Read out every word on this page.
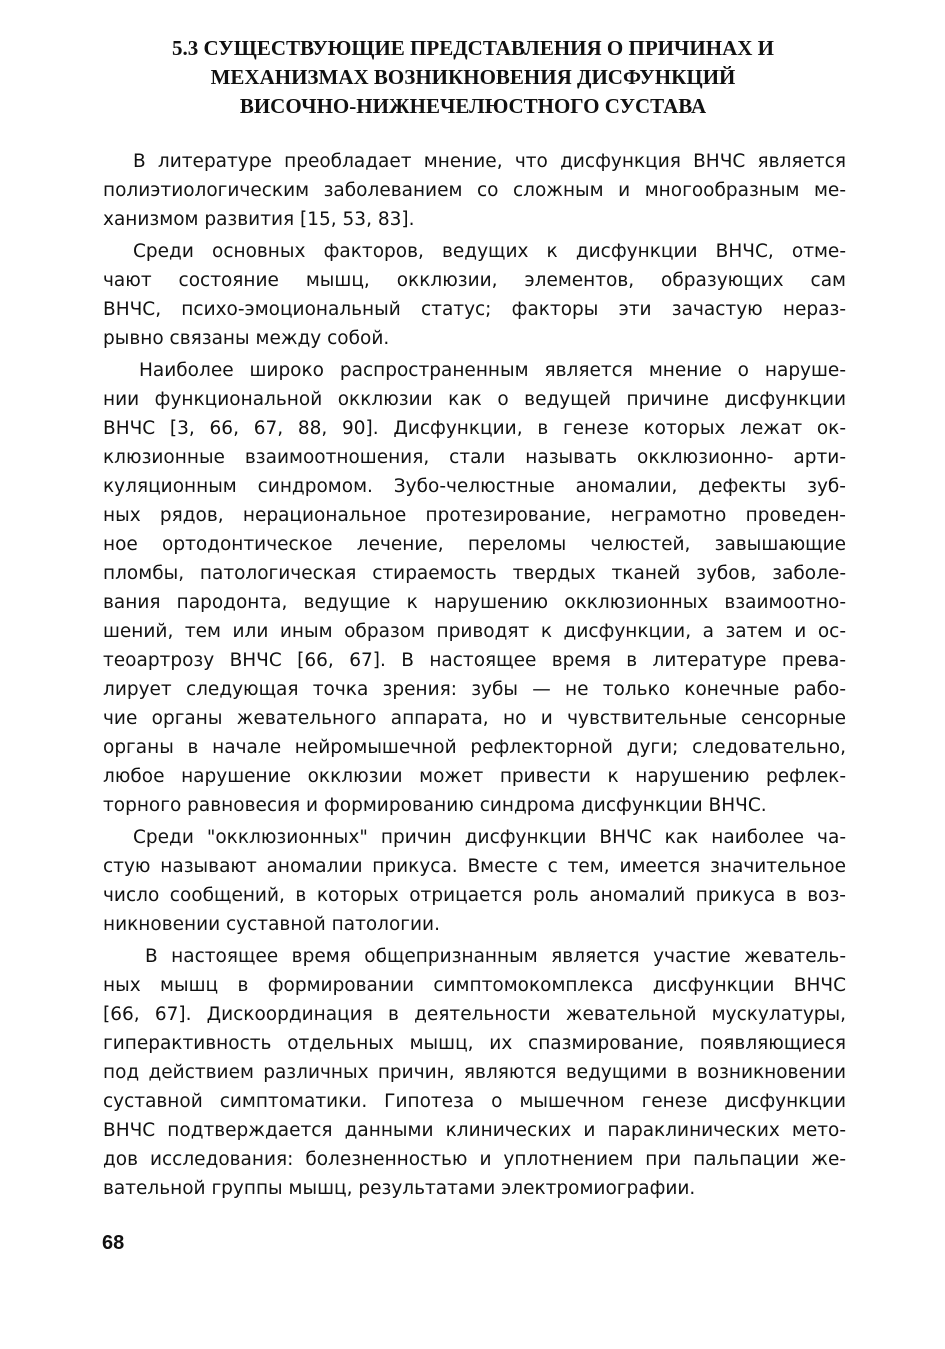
5.3 СУЩЕСТВУЮЩИЕ ПРЕДСТАВЛЕНИЯ О ПРИЧИНАХ И
МЕХАНИЗМАХ ВОЗНИКНОВЕНИЯ ДИСФУНКЦИЙ
ВИСОЧНО-НИЖНЕЧЕЛЮСТНОГО СУСТАВА

В литературе преобладает мнение, что дисфункция ВНЧС является
полиэтиологическим заболеванием со сложным и многообразным ме-
ханизмом развития [15, 53, 83].

Среди основных факторов, ведущих к дисфункции ВНЧС, отме-
чают состояние мышц, окклюзии, элементов, образующих сам
ВНЧС, психо-эмоциональный статус; факторы эти зачастую нераз-
рывно связаны между собой.

Наиболее широко распространенным является мнение о наруше-
нии функциональной окклюзии как о ведущей причине дисфункции
ВНЧС [3, 66, 67, 88, 90]. Дисфункции, в генезе которых лежат ок-
клюзионные взаимоотношения, стали называть окклюзионно- арти-
куляционным синдромом. Зубо-челюстные аномалии, дефекты зуб-
ных рядов, нерациональное протезирование, неграмотно проведен-
ное ортодонтическое лечение, переломы челюстей, завышающие
пломбы, патологическая стираемость твердых тканей зубов, заболе-
вания пародонта, ведущие к нарушению окклюзионных взаимоотно-
шений, тем или иным образом приводят к дисфункции, а затем и ос-
теоартрозу ВНЧС [66, 67]. В настоящее время в литературе прева-
лирует следующая точка зрения: зубы — не только конечные рабо-
чие органы жевательного аппарата, но и чувствительные сенсорные
органы в начале нейромышечной рефлекторной дуги; следовательно,
любое нарушение окклюзии может привести к нарушению рефлек-
торного равновесия и формированию синдрома дисфункции ВНЧС.

Среди "окклюзионных" причин дисфункции ВНЧС как наиболее ча-
стую называют аномалии прикуса. Вместе с тем, имеется значительное
число сообщений, в которых отрицается роль аномалий прикуса в воз-
никновении суставной патологии.

В настоящее время общепризнанным является участие жеватель-
ных мышц в формировании симптомокомплекса дисфункции ВНЧС
[66, 67]. Дискоординация в деятельности жевательной мускулатуры,
гиперактивность отдельных мышц, их спазмирование, появляющиеся
под действием различных причин, являются ведущими в возникновении
суставной симптоматики. Гипотеза о мышечном генезе дисфункции
ВНЧС подтверждается данными клинических и параклинических мето-
дов исследования: болезненностью и уплотнением при пальпации же-
вательной группы мышц, результатами электромиографии.

68
